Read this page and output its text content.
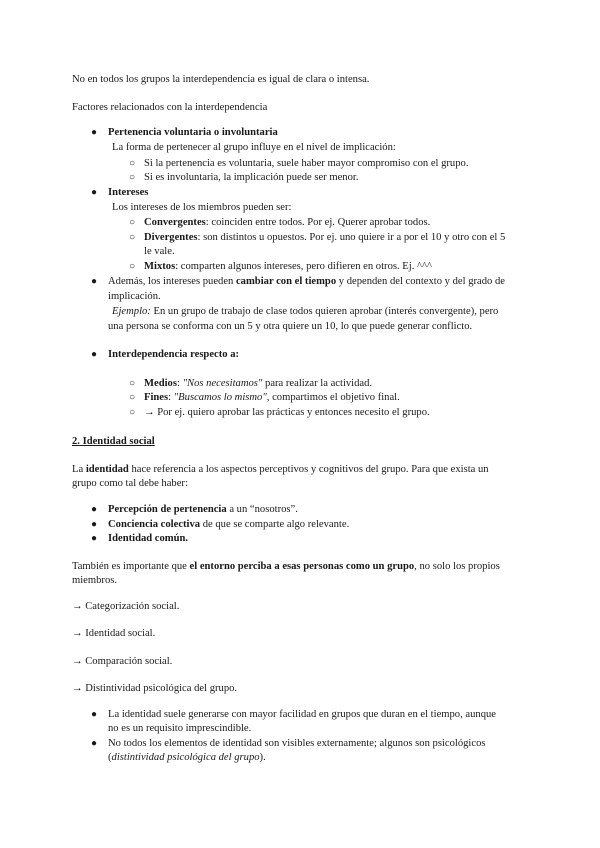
No en todos los grupos la interdependencia es igual de clara o intensa.
Factores relacionados con la interdependencia
● Pertenencia voluntaria o involuntaria
La forma de pertenecer al grupo influye en el nivel de implicación:
○ Si la pertenencia es voluntaria, suele haber mayor compromiso con el grupo.
○ Si es involuntaria, la implicación puede ser menor.
● Intereses
Los intereses de los miembros pueden ser:
○ Convergentes: coinciden entre todos. Por ej. Querer aprobar todos.
○ Divergentes: son distintos u opuestos. Por ej. uno quiere ir a por el 10 y otro con el 5
le vale.
○ Mixtos: comparten algunos intereses, pero difieren en otros. Ej. ^^^
● Además, los intereses pueden cambiar con el tiempo y dependen del contexto y del grado de
implicación.
Ejemplo: En un grupo de trabajo de clase todos quieren aprobar (interés convergente), pero
una persona se conforma con un 5 y otra quiere un 10, lo que puede generar conflicto.
● Interdependencia respecto a:
○ Medios: "Nos necesitamos" para realizar la actividad.
○ Fines: "Buscamos lo mismo", compartimos el objetivo final.
○ → Por ej. quiero aprobar las prácticas y entonces necesito el grupo.
2. Identidad social
La identidad hace referencia a los aspectos perceptivos y cognitivos del grupo. Para que exista un
grupo como tal debe haber:
● Percepción de pertenencia a un “nosotros”.
● Conciencia colectiva de que se comparte algo relevante.
● Identidad común.
También es importante que el entorno perciba a esas personas como un grupo, no solo los propios
miembros.
→ Categorización social.
→ Identidad social.
→ Comparación social.
→ Distintividad psicológica del grupo.
● La identidad suele generarse con mayor facilidad en grupos que duran en el tiempo, aunque
no es un requisito imprescindible.
● No todos los elementos de identidad son visibles externamente; algunos son psicológicos
(distintividad psicológica del grupo).
